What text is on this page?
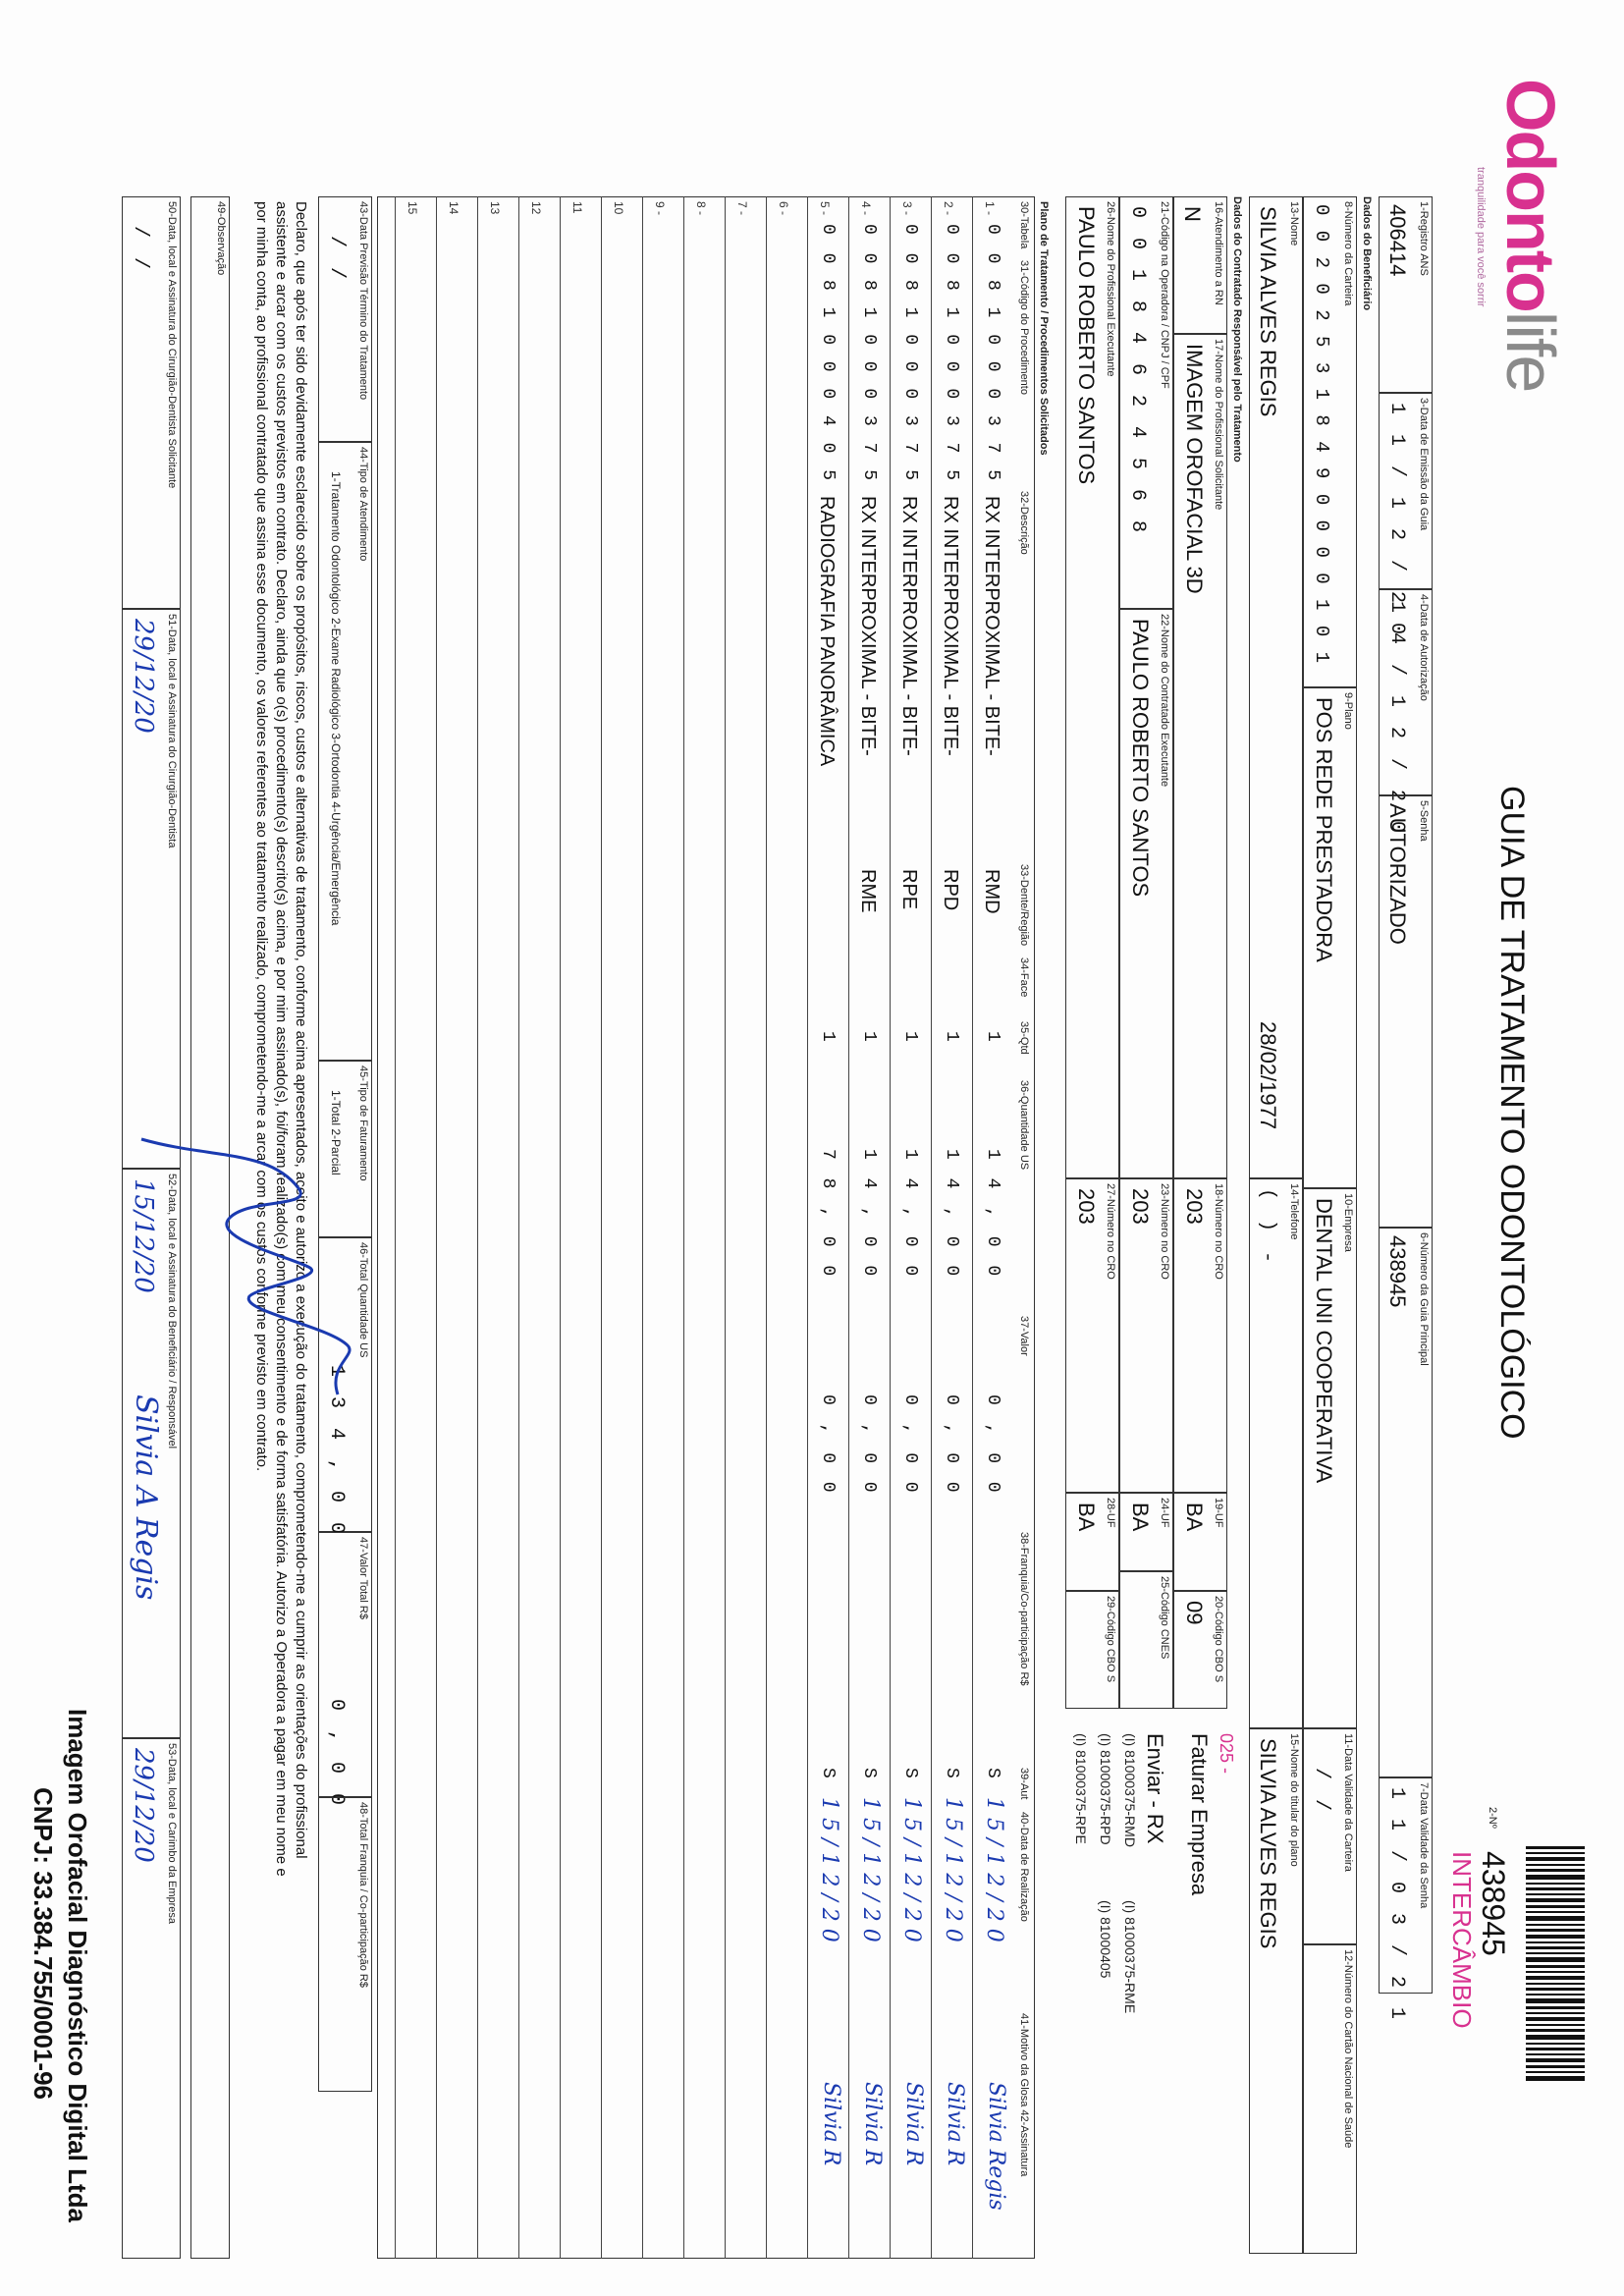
Odontolife
tranquilidade para você sorrir
GUIA DE TRATAMENTO ODONTOLÓGICO
2-Nº
438945
INTERCÂMBIO
1-Registro ANS
406414
3-Data de Emissão da Guia
1 1 / 1 2 / 2 0
4-Data de Autorização
1 4 / 1 2 / 2 0 5-Senha
AUTORIZADO
6-Número da Guia Principal
438945
7-Data Validade da Senha
1 1 / 0 3 / 2 1
Dados do Beneficiário
8-Número da Carteira
0 0 2 0 2 5 3 1 8 4 9 0 0 0 0 1 0 1
9-Plano
POS REDE PRESTADORA
10-Empresa
DENTAL UNI COOPERATIVA
11-Data Validade da Carteira
/ /
12-Número do Cartão Nacional de Saúde
13-Nome
SILVIA ALVES REGIS
28/02/1977
14-Telefone
( ) -
15-Nome do titular do plano
SILVIA ALVES REGIS
Dados do Contratado Responsável pelo Tratamento
16-Atendimento a RN
N
17-Nome do Profissional Solicitante
IMAGEM OROFACIAL 3D
18-Número no CRO
203
19-UF
BA
20-Código CBO S
09
21-Código na Operadora / CNPJ / CPF
0 0 1 8 4 6 2 4 5 6 8
22-Nome do Contratado Executante
PAULO ROBERTO SANTOS
23-Número no CRO
203
24-UF
BA
25-Código CNES
26-Nome do Profissional Executante
PAULO ROBERTO SANTOS
27-Número no CRO
203
28-UF
BA
29-Código CBO S
025 -
Faturar Empresa
Enviar - RX
(I) 81000375-RMD
(I) 81000375-RPD
(I) 81000375-RPE
(I) 81000375-RME
(I) 81000405
Plano de Tratamento / Procedimentos Solicitados
30-Tabela
31-Código do Procedimento
32-Descrição
33-Dente/Região
34-Face
35-Qtd
36-Quantidade US
37-Valor
38-Franquia/Co-participação R$
39-Aut
40-Data de Realização
41-Motivo da Glosa 42-Assinatura
1 -
0 0
8 1 0 0 0 3 7 5
RX INTERPROXIMAL - BITE-
RMD
1
1 4 , 0 0
0 , 0 0
S
1 5 / 1 2 / 2 0
Silvia Regis
2 -
0 0
8 1 0 0 0 3 7 5
RX INTERPROXIMAL - BITE-
RPD
1
1 4 , 0 0
0 , 0 0
S
1 5 / 1 2 / 2 0
Silvia R
3 -
0 0
8 1 0 0 0 3 7 5
RX INTERPROXIMAL - BITE-
RPE
1
1 4 , 0 0
0 , 0 0
S
1 5 / 1 2 / 2 0
Silvia R
4 -
0 0
8 1 0 0 0 3 7 5
RX INTERPROXIMAL - BITE-
RME
1
1 4 , 0 0
0 , 0 0
S
1 5 / 1 2 / 2 0
Silvia R
5 -
0 0
8 1 0 0 0 4 0 5
RADIOGRAFIA PANORÂMICA
1
7 8 , 0 0
0 , 0 0
S
1 5 / 1 2 / 2 0
Silvia R
6 -
7 -
8 -
9 -
10
11
12
13
14
15
43-Data Previsão Término do Tratamento
/ /
44-Tipo de Atendimento
1-Tratamento Odontológico 2-Exame Radiológico 3-Ortodontia 4-Urgência/Emergência
45-Tipo de Faturamento
1-Total 2-Parcial
46-Total Quantidade US
1 3 4 , 0 0
47-Valor Total R$
0 , 0 0
48-Total Franquia / Co-participação R$
Declaro, que após ter sido devidamente esclarecido sobre os propósitos, riscos, custos e alternativas de tratamento, conforme acima apresentados, aceito e autorizo a execução do tratamento, comprometendo-me a cumprir as orientações do profissional assistente e arcar com os custos previstos em contrato. Declaro, ainda que o(s) procedimento(s) descrito(s) acima, e por mim assinado(s), foi/foram realizado(s) com meu consentimento e de forma satisfatória. Autorizo a Operadora a pagar em meu nome e por minha conta, ao profissional contratado que assina esse documento, os valores referentes ao tratamento realizado, comprometendo-me a arcar com os custos conforme previsto em contrato.
49-Observação
50-Data, local e Assinatura do Cirurgião-Dentista Solicitante
/ /
51-Data, local e Assinatura do Cirurgião-Dentista
29/12/20
52-Data, local e Assinatura do Beneficiário / Responsável
15/12/20
Silvia A Regis
53-Data, local e Carimbo da Empresa
29/12/20
Imagem Orofacial Diagnóstico Digital Ltda
CNPJ: 33.384.755/0001-96
